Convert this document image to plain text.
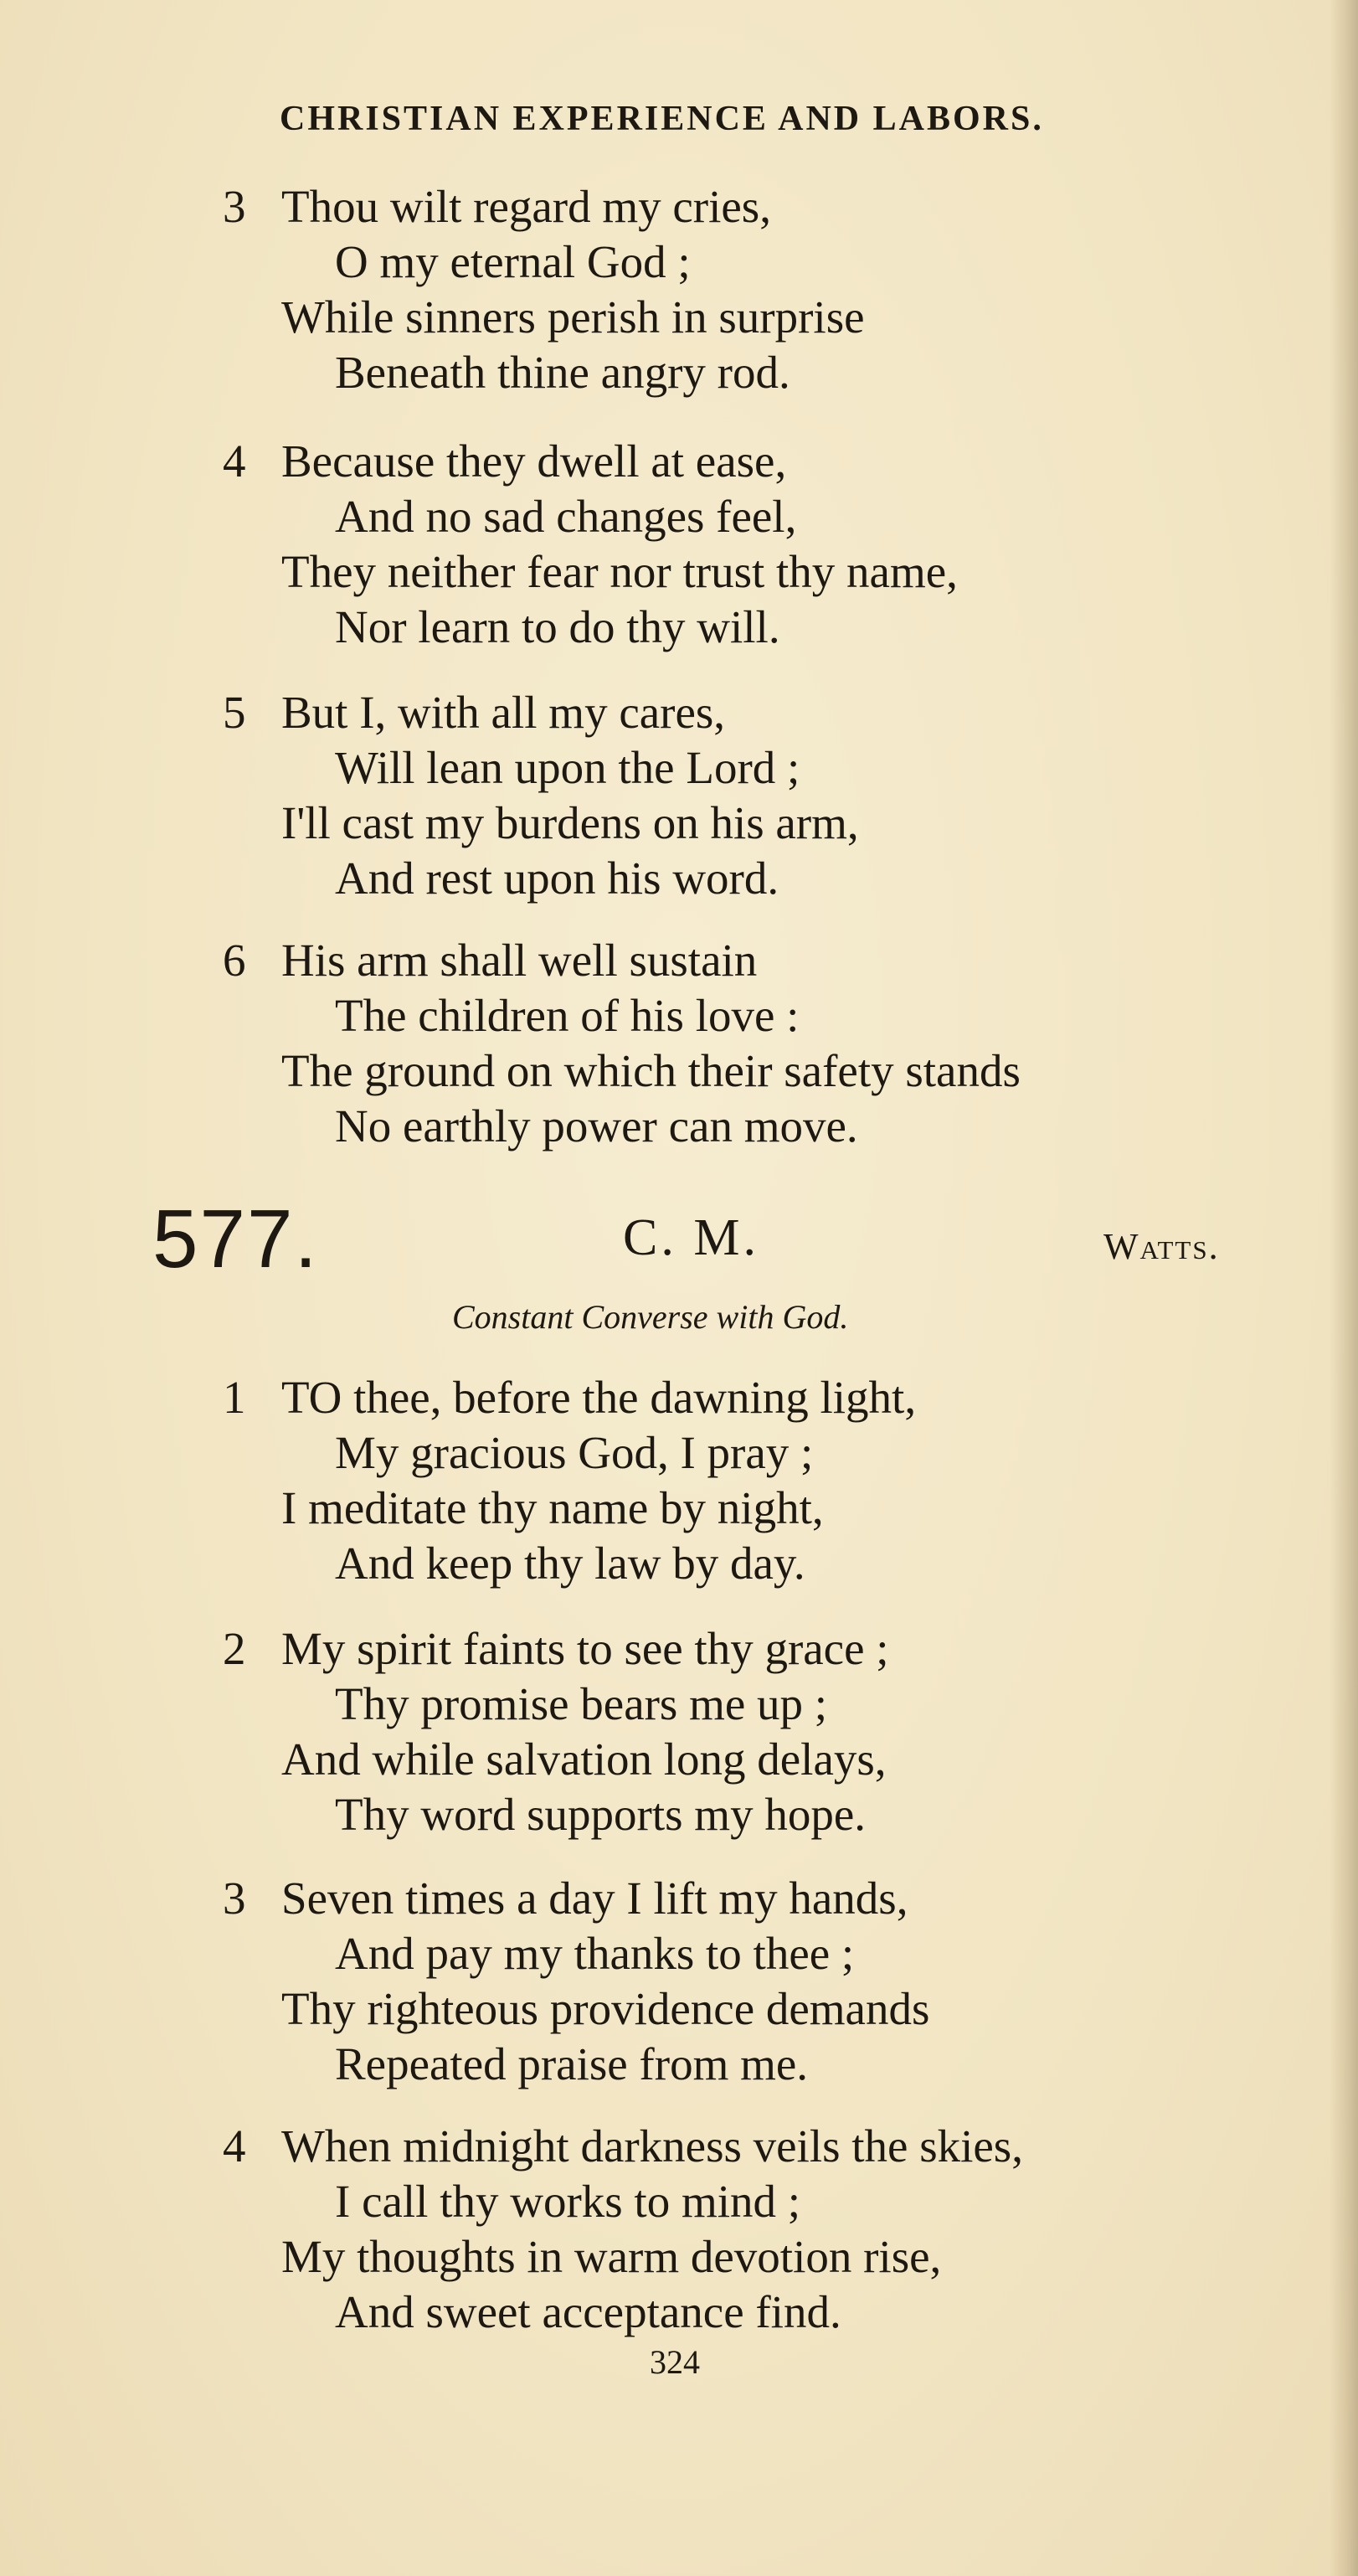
CHRISTIAN EXPERIENCE AND LABORS.
3 Thou wilt regard my cries,
O my eternal God ;
While sinners perish in surprise
Beneath thine angry rod.
4 Because they dwell at ease,
And no sad changes feel,
They neither fear nor trust thy name,
Nor learn to do thy will.
5 But I, with all my cares,
Will lean upon the Lord ;
I'll cast my burdens on his arm,
And rest upon his word.
6 His arm shall well sustain
The children of his love :
The ground on which their safety stands
No earthly power can move.
577.	C. M.	Watts.
Constant Converse with God.
1 TO thee, before the dawning light,
My gracious God, I pray ;
I meditate thy name by night,
And keep thy law by day.
2 My spirit faints to see thy grace ;
Thy promise bears me up ;
And while salvation long delays,
Thy word supports my hope.
3 Seven times a day I lift my hands,
And pay my thanks to thee ;
Thy righteous providence demands
Repeated praise from me.
4 When midnight darkness veils the skies,
I call thy works to mind ;
My thoughts in warm devotion rise,
And sweet acceptance find.
324
